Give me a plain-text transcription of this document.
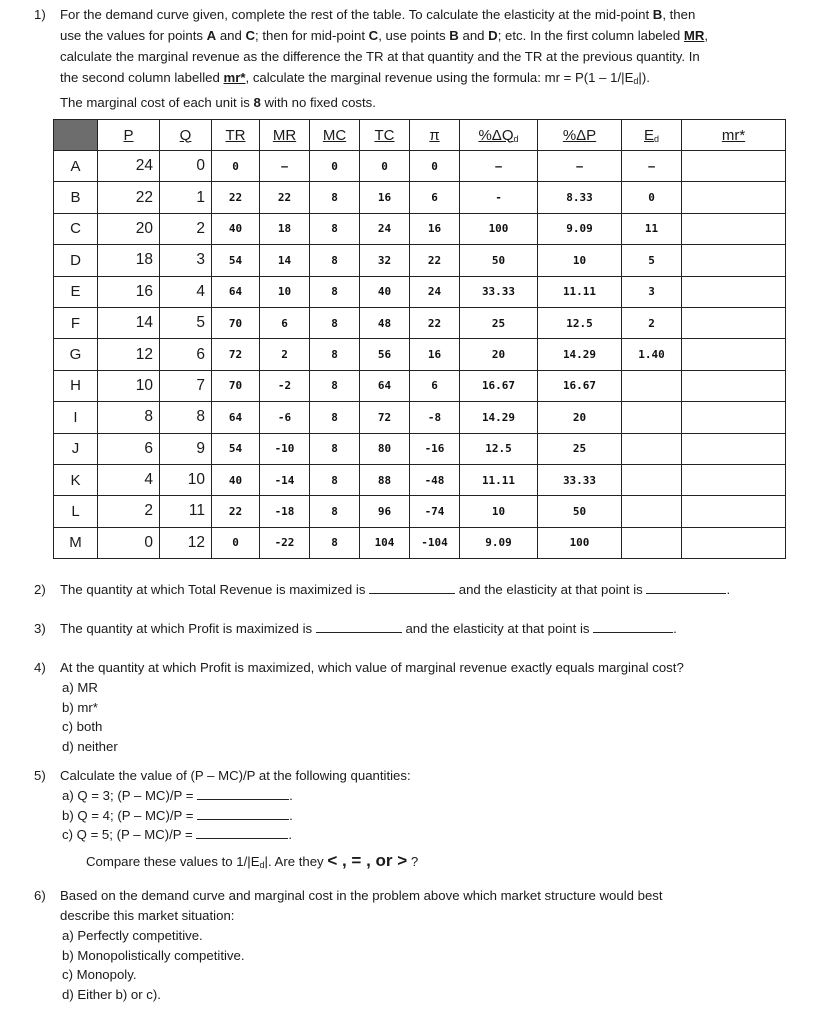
1) For the demand curve given, complete the rest of the table. To calculate the elasticity at the mid-point B, then
use the values for points A and C; then for mid-point C, use points B and D; etc. In the first column labeled MR,
calculate the marginal revenue as the difference the TR at that quantity and the TR at the previous quantity. In
the second column labelled mr*, calculate the marginal revenue using the formula: mr = $P(1 - 1/|E_d|)$.
The marginal cost of each unit is 8 with no fixed costs.
	P	Q	TR	MR	MC	TC	π	$\%\Delta Q_d$	%ΔP	$E_d$	mr*
A	24	0	0	—	0	0	0	—	—	—	
B	22	1	22	22	8	16	6	-	8.33	0	
C	20	2	40	18	8	24	16	100	9.09	11	
D	18	3	54	14	8	32	22	50	10	5	
E	16	4	64	10	8	40	24	33.33	11.11	3	
F	14	5	70	6	8	48	22	25	12.5	2	
G	12	6	72	2	8	56	16	20	14.29	1.40	
H	10	7	70	-2	8	64	6	16.67	16.67		
I	8	8	64	-6	8	72	-8	14.29	20		
J	6	9	54	-10	8	80	-16	12.5	25		
K	4	10	40	-14	8	88	-48	11.11	33.33		
L	2	11	22	-18	8	96	-74	10	50		
M	0	12	0	-22	8	104	-104	9.09	100		
2) The quantity at which Total Revenue is maximized is	and the elasticity at that point is	.
3) The quantity at which Profit is maximized is	and the elasticity at that point is	.
4) At the quantity at which Profit is maximized, which value of marginal revenue exactly equals marginal cost?
a) MR
b) mr*
c) both
d) neither
5) Calculate the value of (P – MC)/P at the following quantities:
a) Q = 3; (P – MC)/P =	.
b) Q = 4; (P – MC)/P =	.
c) Q = 5; (P – MC)/P =	.
Compare these values to $1/|E_d|$. Are they < , = , or > ?
6) Based on the demand curve and marginal cost in the problem above which market structure would best
describe this market situation:
a) Perfectly competitive.
b) Monopolistically competitive.
c) Monopoly.
d) Either b) or c).
